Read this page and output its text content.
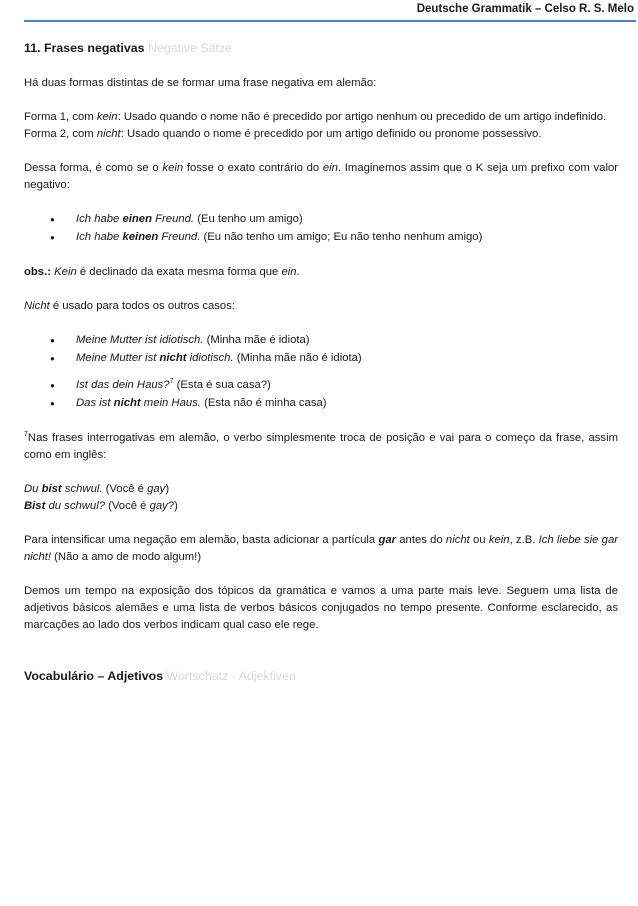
Deutsche Grammatik – Celso R. S. Melo
11. Frases negativas Negative Sätze

Há duas formas distintas de se formar uma frase negativa em alemão:

Forma 1, com kein: Usado quando o nome não é precedido por artigo nenhum ou precedido de um artigo indefinido.

Forma 2, com nicht: Usado quando o nome é precedido por um artigo definido ou pronome possessivo.

Dessa forma, é como se o kein fosse o exato contrário do ein. Imaginemos assim que o K seja um prefixo com valor negativo:

● Ich habe einen Freund. (Eu tenho um amigo)
● Ich habe keinen Freund. (Eu não tenho um amigo; Eu não tenho nenhum amigo)

obs.: Kein é declinado da exata mesma forma que ein.

Nicht é usado para todos os outros casos:

● Meine Mutter ist idiotisch. (Minha mãe é idiota)
● Meine Mutter ist nicht idiotisch. (Minha mãe não é idiota)
● Ist das dein Haus?$^7$ (Esta é sua casa?)
● Das ist nicht mein Haus. (Esta não é minha casa)

$^7$Nas frases interrogativas em alemão, o verbo simplesmente troca de posição e vai para o começo da frase, assim como em inglês:

Du bist schwul. (Você é gay)

Bist du schwul? (Você é gay?)

Para intensificar uma negação em alemão, basta adicionar a partícula gar antes do nicht ou kein, z.B. Ich liebe sie gar nicht! (Não a amo de modo algum!)

Demos um tempo na exposição dos tópicos da gramática e vamos a uma parte mais leve. Seguem uma lista de adjetivos básicos alemães e uma lista de verbos básicos conjugados no tempo presente. Conforme esclarecido, as marcações ao lado dos verbos indicam qual caso ele rege.

Vocabulário – Adjetivos Wortschatz - Adjektiven
